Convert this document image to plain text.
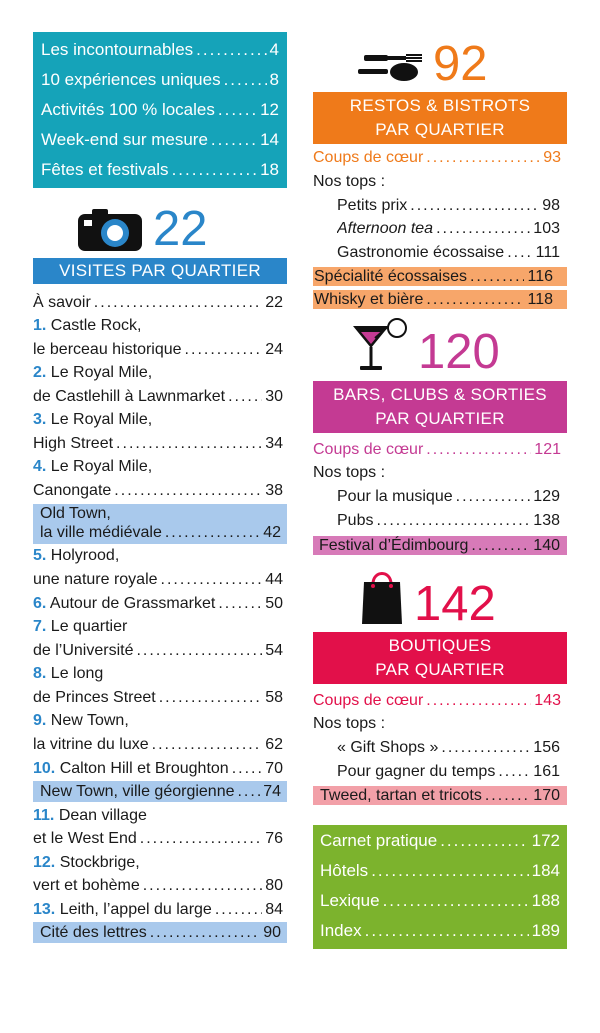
Les incontournables .....	4
10 expériences uniques .....	8
Activités 100 % locales .....	12
Week-end sur mesure .....	14
Fêtes et festivals .....	18
22
VISITES PAR QUARTIER
À savoir .....	22
1. Castle Rock,
le berceau historique .....	24
2. Le Royal Mile,
de Castlehill à Lawnmarket .....	30
3. Le Royal Mile,
High Street .....	34
4. Le Royal Mile,
Canongate .....	38
Old Town,
la ville médiévale .....	42
5. Holyrood,
une nature royale .....	44
6. Autour de Grassmarket .....	50
7. Le quartier
de l’Université .....	54
8. Le long
de Princes Street .....	58
9. New Town,
la vitrine du luxe .....	62
10. Calton Hill et Broughton ..... 70
New Town, ville géorgienne ..... 74
11. Dean village
et le West End .....	76
12. Stockbrige,
vert et bohème .....	80
13. Leith, l’appel du large .....	84
Cité des lettres .....	90
92
RESTOS & BISTROTS
PAR QUARTIER
Coups de cœur .....	93
Nos tops :
Petits prix .....	98
Afternoon tea .....	103
Gastronomie écossaise ..... 111
Spécialité écossaises .....	116
Whisky et bière .....	118
120
BARS, CLUBS & SORTIES
PAR QUARTIER
Coups de cœur .....	121
Nos tops :
Pour la musique .....	129
Pubs .....	138
Festival d’Édimbourg .....	140
142
BOUTIQUES
PAR QUARTIER
Coups de cœur .....	143
Nos tops :
« Gift Shops » .....	156
Pour gagner du temps ..... 161
Tweed, tartan et tricots .....	170
Carnet pratique .....	172
Hôtels .....	184
Lexique .....	188
Index .....	189
